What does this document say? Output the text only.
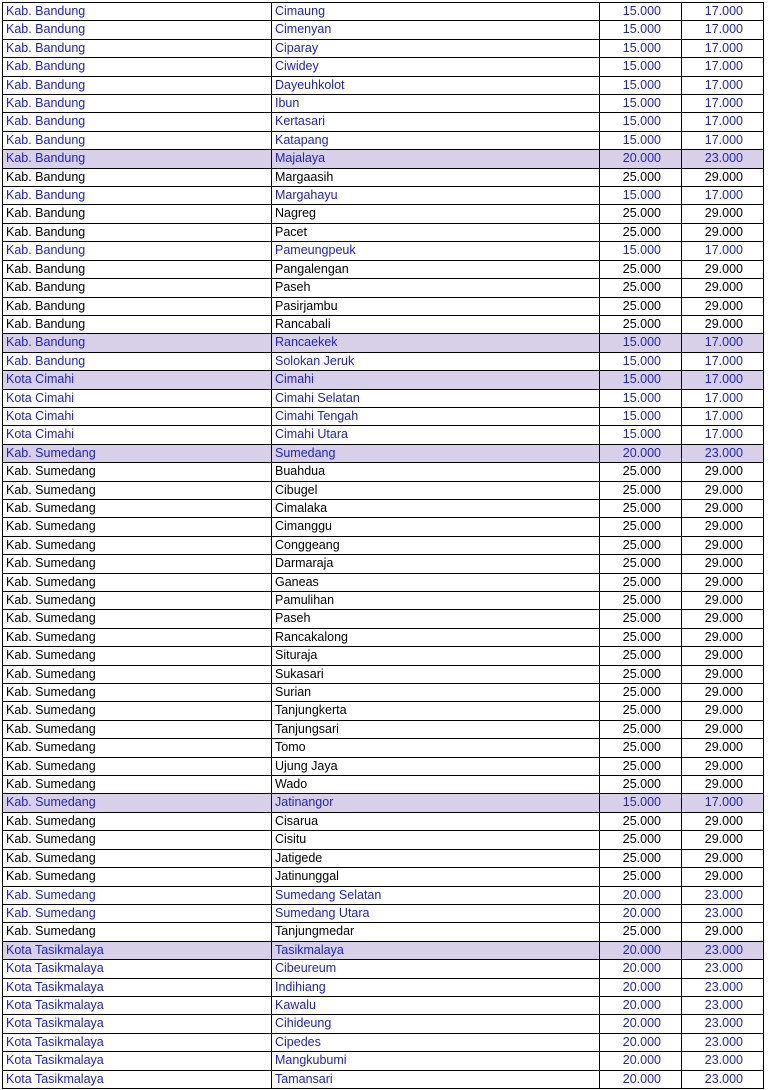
Kab. Bandung	Cimaung	15.000	17.000
Kab. Bandung	Cimenyan	15.000	17.000
Kab. Bandung	Ciparay	15.000	17.000
Kab. Bandung	Ciwidey	15.000	17.000
Kab. Bandung	Dayeuhkolot	15.000	17.000
Kab. Bandung	Ibun	15.000	17.000
Kab. Bandung	Kertasari	15.000	17.000
Kab. Bandung	Katapang	15.000	17.000
Kab. Bandung	Majalaya	20.000	23.000
Kab. Bandung	Margaasih	25.000	29.000
Kab. Bandung	Margahayu	15.000	17.000
Kab. Bandung	Nagreg	25.000	29.000
Kab. Bandung	Pacet	25.000	29.000
Kab. Bandung	Pameungpeuk	15.000	17.000
Kab. Bandung	Pangalengan	25.000	29.000
Kab. Bandung	Paseh	25.000	29.000
Kab. Bandung	Pasirjambu	25.000	29.000
Kab. Bandung	Rancabali	25.000	29.000
Kab. Bandung	Rancaekek	15.000	17.000
Kab. Bandung	Solokan Jeruk	15.000	17.000
Kota Cimahi	Cimahi	15.000	17.000
Kota Cimahi	Cimahi Selatan	15.000	17.000
Kota Cimahi	Cimahi Tengah	15.000	17.000
Kota Cimahi	Cimahi Utara	15.000	17.000
Kab. Sumedang	Sumedang	20.000	23.000
Kab. Sumedang	Buahdua	25.000	29.000
Kab. Sumedang	Cibugel	25.000	29.000
Kab. Sumedang	Cimalaka	25.000	29.000
Kab. Sumedang	Cimanggu	25.000	29.000
Kab. Sumedang	Conggeang	25.000	29.000
Kab. Sumedang	Darmaraja	25.000	29.000
Kab. Sumedang	Ganeas	25.000	29.000
Kab. Sumedang	Pamulihan	25.000	29.000
Kab. Sumedang	Paseh	25.000	29.000
Kab. Sumedang	Rancakalong	25.000	29.000
Kab. Sumedang	Situraja	25.000	29.000
Kab. Sumedang	Sukasari	25.000	29.000
Kab. Sumedang	Surian	25.000	29.000
Kab. Sumedang	Tanjungkerta	25.000	29.000
Kab. Sumedang	Tanjungsari	25.000	29.000
Kab. Sumedang	Tomo	25.000	29.000
Kab. Sumedang	Ujung Jaya	25.000	29.000
Kab. Sumedang	Wado	25.000	29.000
Kab. Sumedang	Jatinangor	15.000	17.000
Kab. Sumedang	Cisarua	25.000	29.000
Kab. Sumedang	Cisitu	25.000	29.000
Kab. Sumedang	Jatigede	25.000	29.000
Kab. Sumedang	Jatinunggal	25.000	29.000
Kab. Sumedang	Sumedang Selatan	20.000	23.000
Kab. Sumedang	Sumedang Utara	20.000	23.000
Kab. Sumedang	Tanjungmedar	25.000	29.000
Kota Tasikmalaya	Tasikmalaya	20.000	23.000
Kota Tasikmalaya	Cibeureum	20.000	23.000
Kota Tasikmalaya	Indihiang	20.000	23.000
Kota Tasikmalaya	Kawalu	20.000	23.000
Kota Tasikmalaya	Cihideung	20.000	23.000
Kota Tasikmalaya	Cipedes	20.000	23.000
Kota Tasikmalaya	Mangkubumi	20.000	23.000
Kota Tasikmalaya	Tamansari	20.000	23.000
